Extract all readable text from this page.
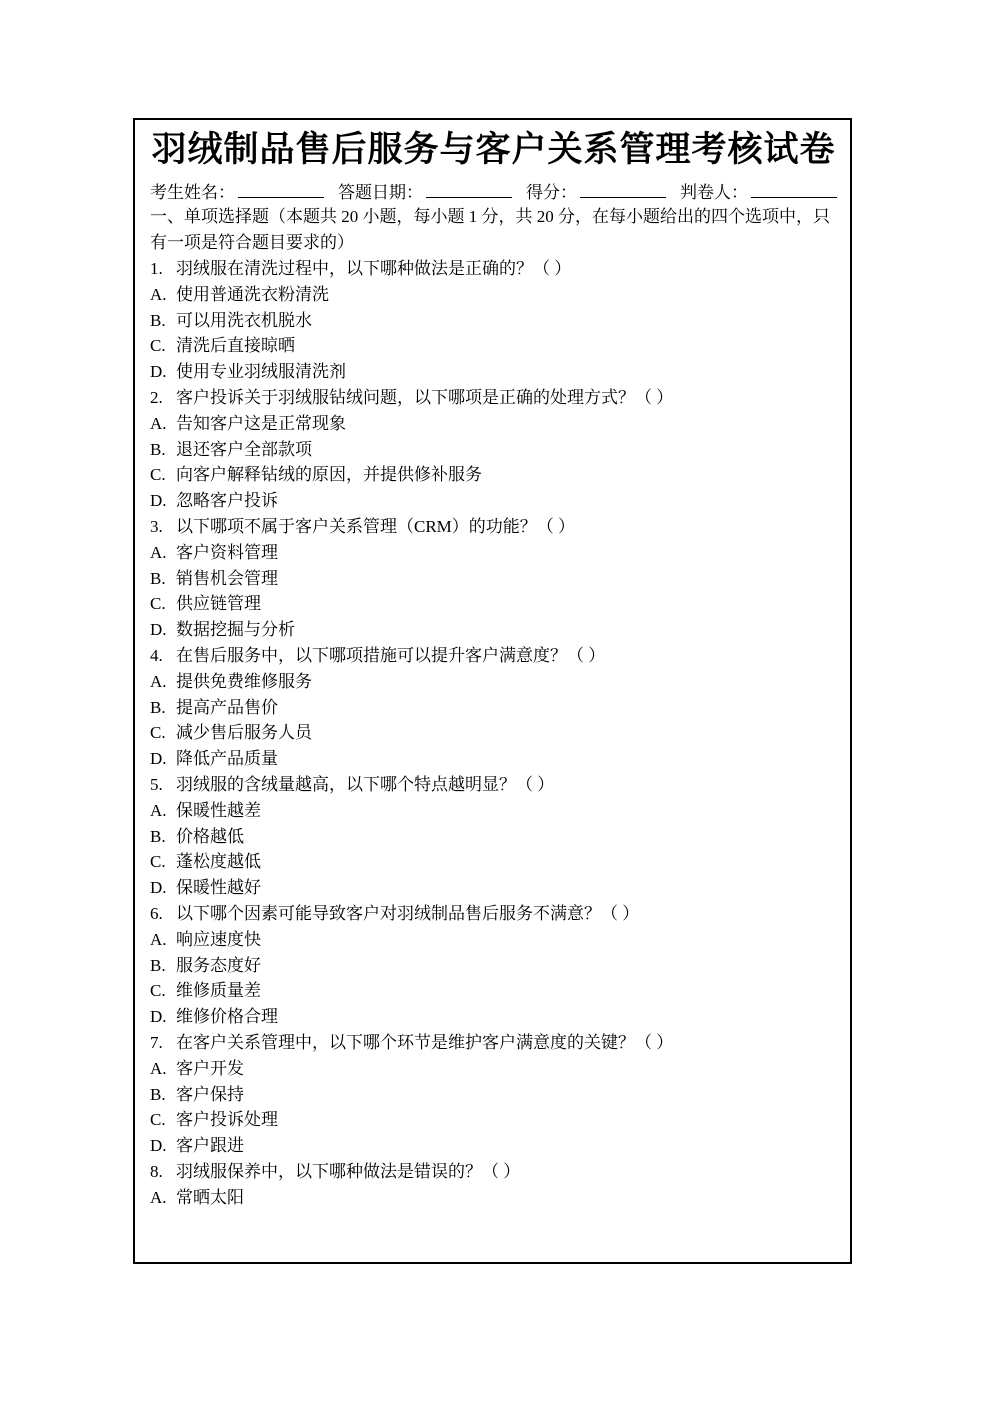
羽绒制品售后服务与客户关系管理考核试卷
考生姓名：	答题日期：	得分：	判卷人：
一、单项选择题（本题共 20 小题，每小题 1 分，共 20 分，在每小题给出的四个选项中，只有一项是符合题目要求的）
1. 羽绒服在清洗过程中，以下哪种做法是正确的？（ ）
A. 使用普通洗衣粉清洗
B. 可以用洗衣机脱水
C. 清洗后直接晾晒
D. 使用专业羽绒服清洗剂
2. 客户投诉关于羽绒服钻绒问题，以下哪项是正确的处理方式？（ ）
A. 告知客户这是正常现象
B. 退还客户全部款项
C. 向客户解释钻绒的原因，并提供修补服务
D. 忽略客户投诉
3. 以下哪项不属于客户关系管理（CRM）的功能？（ ）
A. 客户资料管理
B. 销售机会管理
C. 供应链管理
D. 数据挖掘与分析
4. 在售后服务中，以下哪项措施可以提升客户满意度？（ ）
A. 提供免费维修服务
B. 提高产品售价
C. 减少售后服务人员
D. 降低产品质量
5. 羽绒服的含绒量越高，以下哪个特点越明显？（ ）
A. 保暖性越差
B. 价格越低
C. 蓬松度越低
D. 保暖性越好
6. 以下哪个因素可能导致客户对羽绒制品售后服务不满意？（ ）
A. 响应速度快
B. 服务态度好
C. 维修质量差
D. 维修价格合理
7. 在客户关系管理中，以下哪个环节是维护客户满意度的关键？（ ）
A. 客户开发
B. 客户保持
C. 客户投诉处理
D. 客户跟进
8. 羽绒服保养中，以下哪种做法是错误的？（ ）
A. 常晒太阳
